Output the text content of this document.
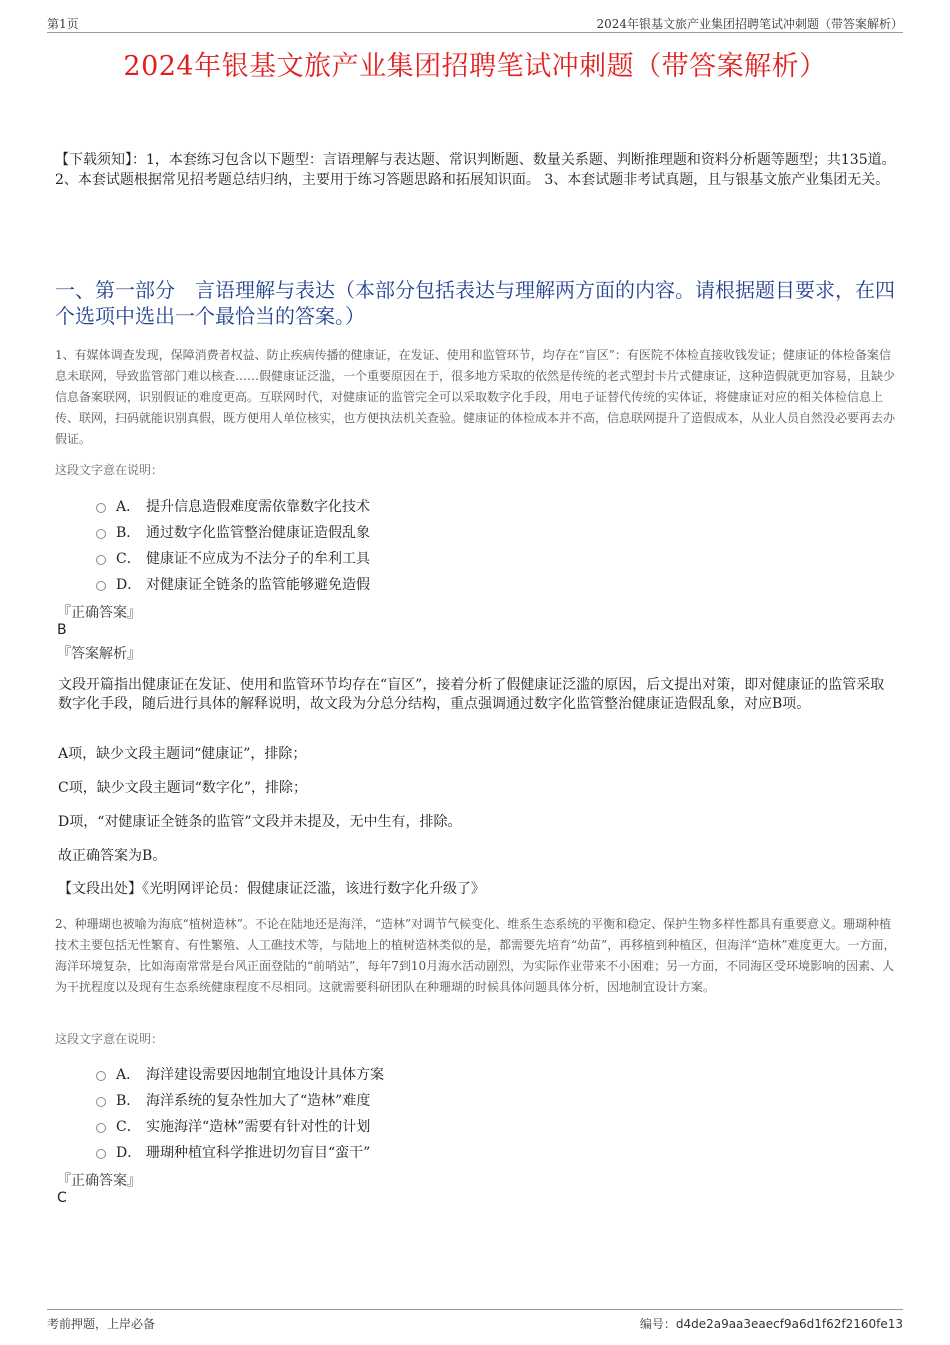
第1页	2024年银基文旅产业集团招聘笔试冲刺题（带答案解析）
2024年银基文旅产业集团招聘笔试冲刺题（带答案解析）
【下载须知】：1，本套练习包含以下题型：言语理解与表达题、常识判断题、数量关系题、判断推理题和资料分析题等题型；共135道。 2、本套试题根据常见招考题总结归纳，主要用于练习答题思路和拓展知识面。 3、本套试题非考试真题，且与银基文旅产业集团无关。
一、第一部分　言语理解与表达（本部分包括表达与理解两方面的内容。请根据题目要求，在四个选项中选出一个最恰当的答案。）
1、有媒体调查发现，保障消费者权益、防止疾病传播的健康证，在发证、使用和监管环节，均存在“盲区”：有医院不体检直接收钱发证；健康证的体检备案信息未联网，导致监管部门难以核查……假健康证泛滥，一个重要原因在于，很多地方采取的依然是传统的老式塑封卡片式健康证，这种造假就更加容易，且缺少信息备案联网，识别假证的难度更高。互联网时代，对健康证的监管完全可以采取数字化手段，用电子证替代传统的实体证，将健康证对应的相关体检信息上传、联网，扫码就能识别真假，既方便用人单位核实，也方便执法机关查验。健康证的体检成本并不高，信息联网提升了造假成本，从业人员自然没必要再去办假证。
这段文字意在说明：
A． 提升信息造假难度需依靠数字化技术
B． 通过数字化监管整治健康证造假乱象
C． 健康证不应成为不法分子的牟利工具
D． 对健康证全链条的监管能够避免造假
『正确答案』
B
『答案解析』
文段开篇指出健康证在发证、使用和监管环节均存在“盲区”，接着分析了假健康证泛滥的原因，后文提出对策，即对健康证的监管采取数字化手段，随后进行具体的解释说明，故文段为分总分结构，重点强调通过数字化监管整治健康证造假乱象，对应B项。
A项，缺少文段主题词“健康证”，排除；
C项，缺少文段主题词“数字化”，排除；
D项，“对健康证全链条的监管”文段并未提及，无中生有，排除。
故正确答案为B。
【文段出处】《光明网评论员：假健康证泛滥，该进行数字化升级了》
2、种珊瑚也被喻为海底“植树造林”。不论在陆地还是海洋，“造林”对调节气候变化、维系生态系统的平衡和稳定、保护生物多样性都具有重要意义。珊瑚种植技术主要包括无性繁育、有性繁殖、人工礁技术等，与陆地上的植树造林类似的是，都需要先培育“幼苗”，再移植到种植区，但海洋“造林”难度更大。一方面，海洋环境复杂，比如海南常常是台风正面登陆的“前哨站”，每年7到10月海水活动剧烈，为实际作业带来不小困难；另一方面，不同海区受环境影响的因素、人为干扰程度以及现有生态系统健康程度不尽相同。这就需要科研团队在种珊瑚的时候具体问题具体分析，因地制宜设计方案。
这段文字意在说明：
A． 海洋建设需要因地制宜地设计具体方案
B． 海洋系统的复杂性加大了“造林”难度
C． 实施海洋“造林”需要有针对性的计划
D． 珊瑚种植宜科学推进切勿盲目“蛮干”
『正确答案』
C
考前押题，上岸必备	编号：d4de2a9aa3eaecf9a6d1f62f2160fe13
